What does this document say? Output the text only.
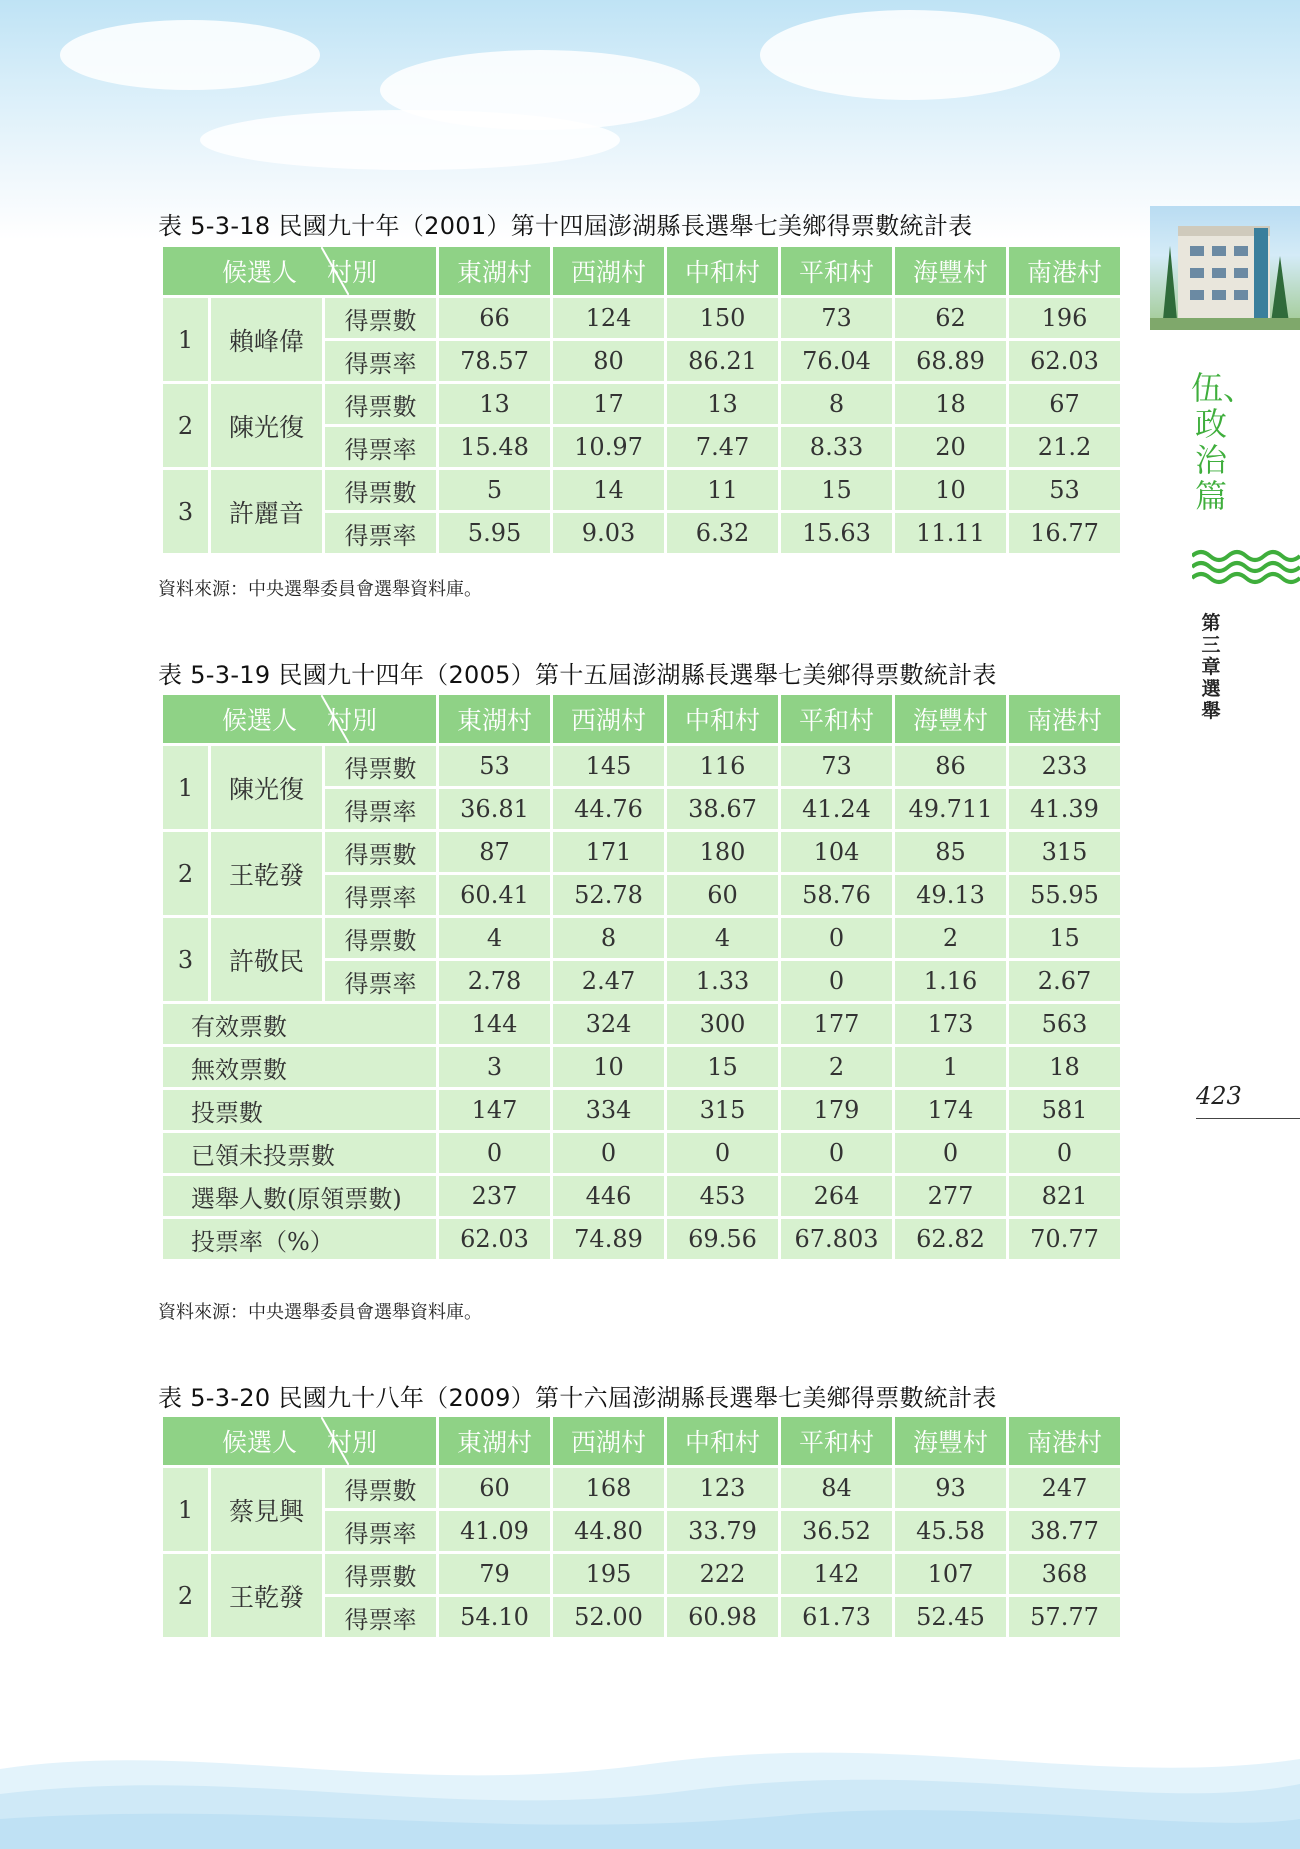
伍、政治篇
第三章 選舉
423
表 5-3-18 民國九十年（2001）第十四屆澎湖縣長選舉七美鄉得票數統計表
候選人 村別			東湖村	西湖村	中和村	平和村	海豐村	南港村
1	賴峰偉	得票數	66	124	150	73	62	196
		得票率	78.57	80	86.21	76.04	68.89	62.03
2	陳光復	得票數	13	17	13	8	18	67
		得票率	15.48	10.97	7.47	8.33	20	21.2
3	許麗音	得票數	5	14	11	15	10	53
		得票率	5.95	9.03	6.32	15.63	11.11	16.77
資料來源：中央選舉委員會選舉資料庫。
表 5-3-19 民國九十四年（2005）第十五屆澎湖縣長選舉七美鄉得票數統計表
候選人 村別			東湖村	西湖村	中和村	平和村	海豐村	南港村
1	陳光復	得票數	53	145	116	73	86	233
		得票率	36.81	44.76	38.67	41.24	49.711	41.39
2	王乾發	得票數	87	171	180	104	85	315
		得票率	60.41	52.78	60	58.76	49.13	55.95
3	許敬民	得票數	4	8	4	0	2	15
		得票率	2.78	2.47	1.33	0	1.16	2.67
有效票數			144	324	300	177	173	563
無效票數			3	10	15	2	1	18
投票數			147	334	315	179	174	581
已領未投票數			0	0	0	0	0	0
選舉人數(原領票數)			237	446	453	264	277	821
投票率（%）			62.03	74.89	69.56	67.803	62.82	70.77
資料來源：中央選舉委員會選舉資料庫。
表 5-3-20 民國九十八年（2009）第十六屆澎湖縣長選舉七美鄉得票數統計表
候選人 村別			東湖村	西湖村	中和村	平和村	海豐村	南港村
1	蔡見興	得票數	60	168	123	84	93	247
		得票率	41.09	44.80	33.79	36.52	45.58	38.77
2	王乾發	得票數	79	195	222	142	107	368
		得票率	54.10	52.00	60.98	61.73	52.45	57.77
